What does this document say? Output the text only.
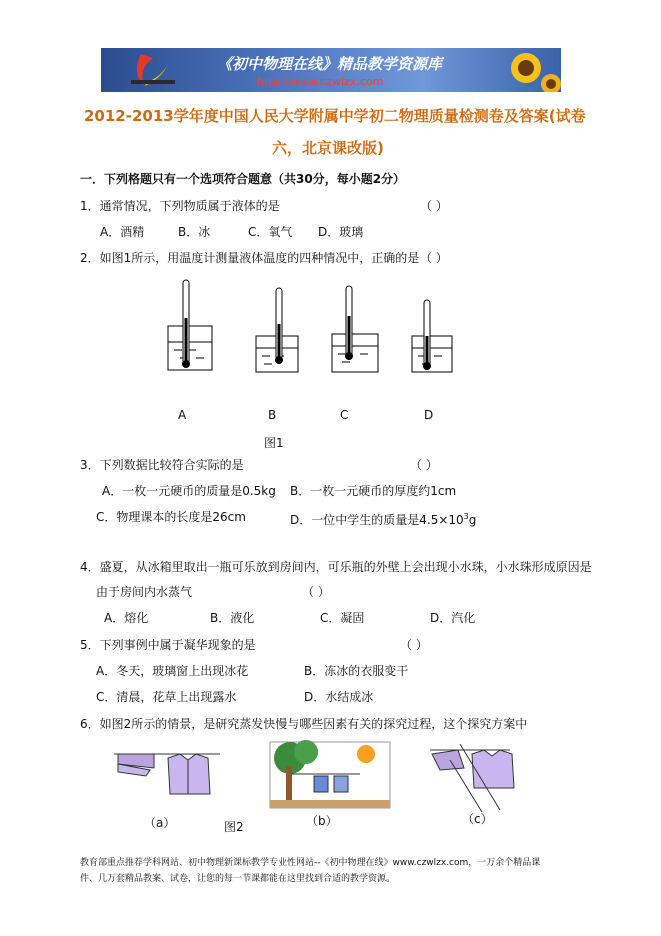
《初中物理在线》精品教学资源库
http://www.czwlzx.com
2012-2013学年度中国人民大学附属中学初二物理质量检测卷及答案(试卷
六，北京课改版)
一．下列格题只有一个选项符合题意（共30分，每小题2分）
1．通常情况，下列物质属于液体的是	（ ）
A．酒精	B．冰	C．氧气 D．玻璃
2．如图1所示，用温度计测量液体温度的四种情况中，正确的是 （ ）
A	B	C	D
图1
3．下列数据比较符合实际的是	（ ）
A．一枚一元硬币的质量是0.5kg B．一枚一元硬币的厚度约1cm
C．物理课本的长度是26cm	D．一位中学生的质量是$4.5\times 10^3g$
4．盛夏，从冰箱里取出一瓶可乐放到房间内，可乐瓶的外壁上会出现小水珠，小水珠形成原因是
由于房间内水蒸气	（ ）
A．熔化	B．液化	C．凝固	D．汽化
5．下列事例中属于凝华现象的是	（ ）
A．冬天，玻璃窗上出现冰花	B．冻冰的衣服变干
C．清晨，花草上出现露水	D．水结成冰
6．如图2所示的情景，是研究蒸发快慢与哪些因素有关的探究过程，这个探究方案中
（a）	图2	（b）	（c）
教育部重点推荐学科网站、初中物理新课标教学专业性网站--《初中物理在线》www.czwlzx.com，一万余个精品课
件、几万套精品教案、试卷，让您的每一节课都能在这里找到合适的教学资源。
